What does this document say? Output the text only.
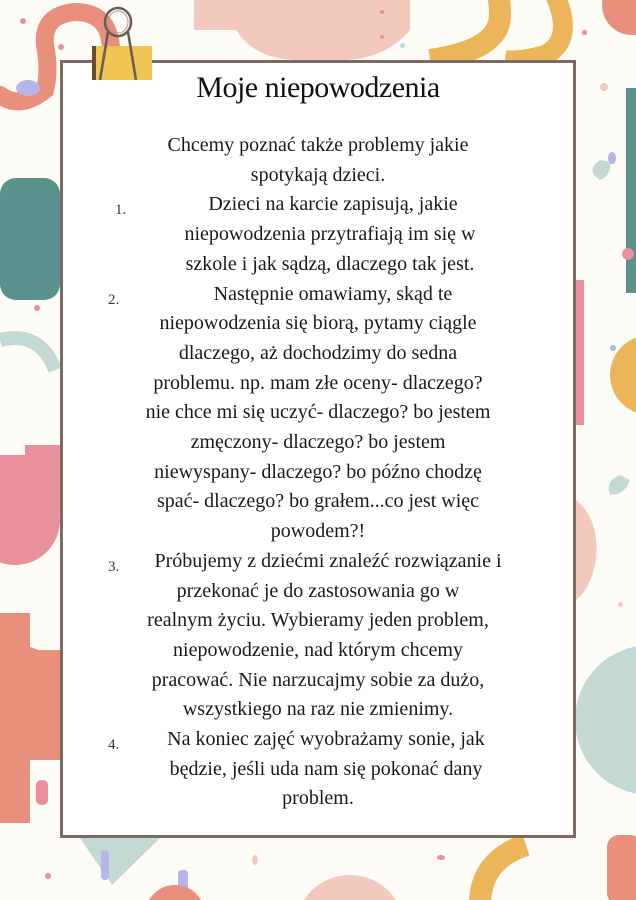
Moje niepowodzenia
Chcemy poznać także problemy jakie
spotykają dzieci.
1.	Dzieci na karcie zapisują, jakie
niepowodzenia przytrafiają im się w
szkole i jak sądzą, dlaczego tak jest.
2.	Następnie omawiamy, skąd te
niepowodzenia się biorą, pytamy ciągle
dlaczego, aż dochodzimy do sedna
problemu. np. mam złe oceny- dlaczego?
nie chce mi się uczyć- dlaczego? bo jestem
zmęczony- dlaczego? bo jestem
niewyspany- dlaczego? bo późno chodzę
spać- dlaczego? bo grałem...co jest więc
powodem?!
3.	Próbujemy z dziećmi znaleźć rozwiązanie i
przekonać je do zastosowania go w
realnym życiu. Wybieramy jeden problem,
niepowodzenie, nad którym chcemy
pracować. Nie narzucajmy sobie za dużo,
wszystkiego na raz nie zmienimy.
4.	Na koniec zajęć wyobrażamy sonie, jak
będzie, jeśli uda nam się pokonać dany
problem.
